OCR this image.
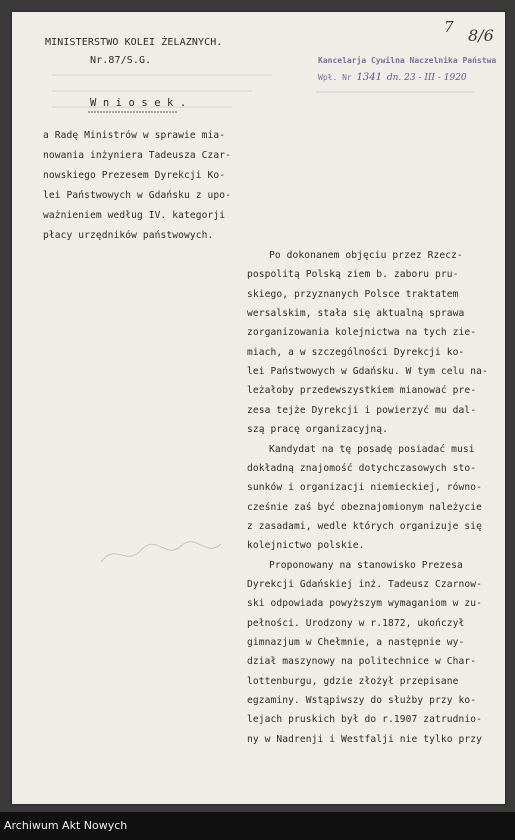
MINISTERSTWO KOLEI ŻELAZNYCH.
Nr.87/S.G.
7 8/6
Kancelarja Cywilna Naczelnika Państwa
Wpł. Nr 1341 dn. 23 - III - 1920
W n i o s e k .
a Radę Ministrów w sprawie mia-
nowania inżyniera Tadeusza Czar-
nowskiego Prezesem Dyrekcji Ko-
lei Państwowych w Gdańsku z upo-
ważnieniem według IV. kategorji
płacy urzędników państwowych.
Po dokonanem objęciu przez Rzecz-
pospolitą Polską ziem b. zaboru pru-
skiego, przyznanych Polsce traktatem
wersalskim, stała się aktualną sprawa
zorganizowania kolejnictwa na tych zie-
miach, a w szczególności Dyrekcji ko-
lei Państwowych w Gdańsku. W tym celu na-
leżałoby przedewszystkiem mianować pre-
zesa tejże Dyrekcji i powierzyć mu dal-
szą pracę organizacyjną.
Kandydat na tę posadę posiadać musi
dokładną znajomość dotychczasowych sto-
sunków i organizacji niemieckiej, równo-
cześnie zaś być obeznajomionym należycie
z zasadami, wedle których organizuje się
kolejnictwo polskie.
Proponowany na stanowisko Prezesa
Dyrekcji Gdańskiej inż. Tadeusz Czarnow-
ski odpowiada powyższym wymaganiom w zu-
pełności. Urodzony w r.1872, ukończył
gimnazjum w Chełmnie, a następnie wy-
dział maszynowy na politechnice w Char-
lottenburgu, gdzie złożył przepisane
egzaminy. Wstąpiwszy do służby przy ko-
lejach pruskich był do r.1907 zatrudnio-
ny w Nadrenji i Westfalji nie tylko przy
Archiwum Akt Nowych
